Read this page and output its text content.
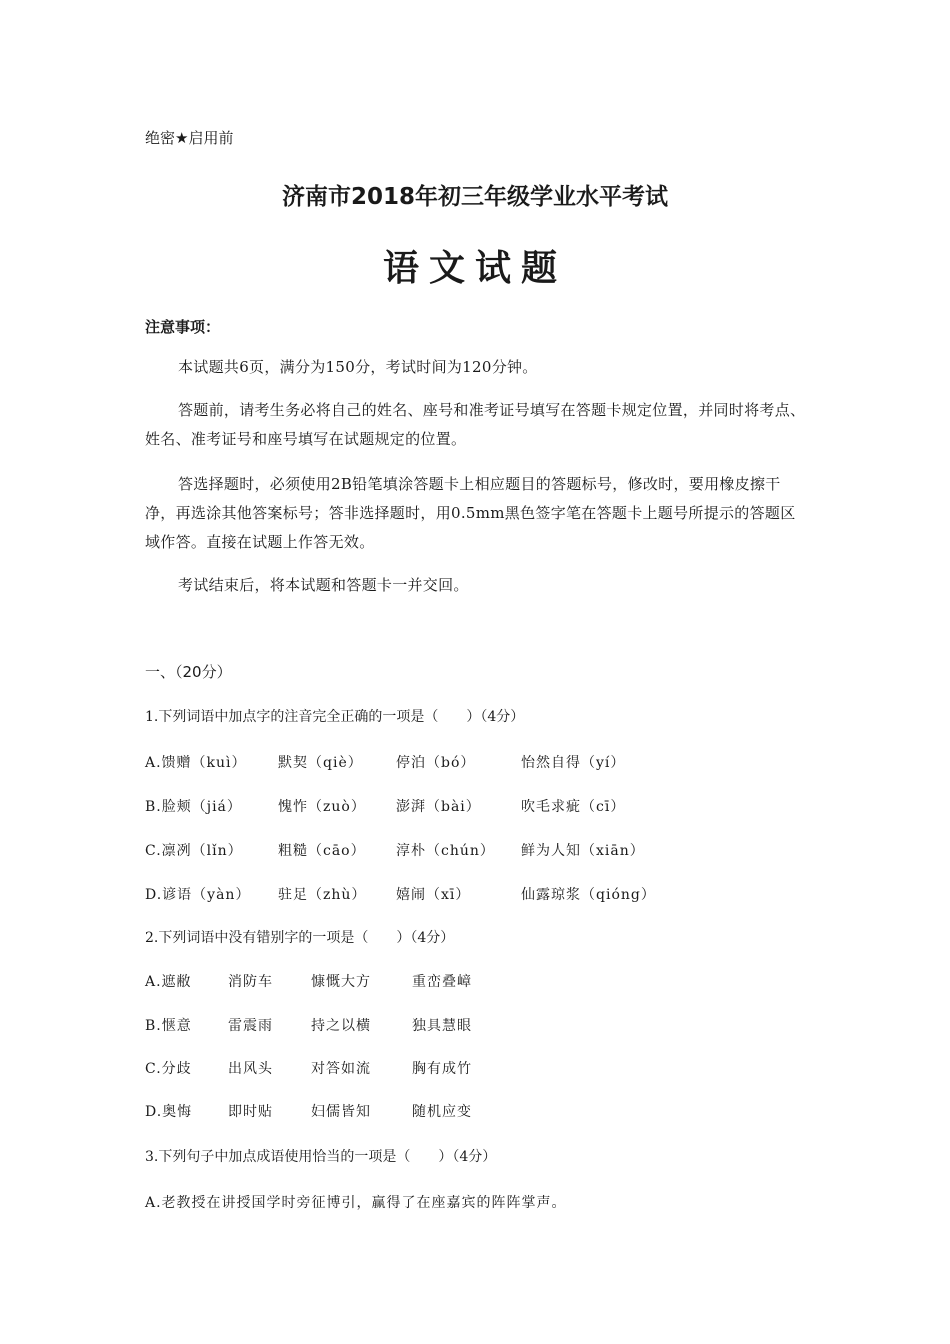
绝密★启用前
济南市2018年初三年级学业水平考试
语文试题
注意事项：
本试题共6页，满分为150分，考试时间为120分钟。
答题前，请考生务必将自己的姓名、座号和准考证号填写在答题卡规定位置，并同时将考点、姓名、准考证号和座号填写在试题规定的位置。
答选择题时，必须使用2B铅笔填涂答题卡上相应题目的答题标号，修改时，要用橡皮擦干净，再选涂其他答案标号；答非选择题时，用0.5mm黑色签字笔在答题卡上题号所提示的答题区域作答。直接在试题上作答无效。
考试结束后，将本试题和答题卡一并交回。
一、（20分）
1.下列词语中加点字的注音完全正确的一项是（　　）（4分）
A.馈赠（kuì） 默契（qiè） 停泊（bó）	怡然自得（yí）
B.脸颊（jiá）	愧怍（zuò） 澎湃（bài）	吹毛求疵（cī）
C.凛冽（lǐn）	粗糙（cāo） 淳朴（chún） 鲜为人知（xiān）
D.谚语（yàn） 驻足（zhù） 嬉闹（xī）	仙露琼浆（qióng）
2.下列词语中没有错别字的一项是（　　）（4分）
A.遮敝	消防车	慷慨大方	重峦叠嶂
B.惬意	雷震雨	持之以横	独具慧眼
C.分歧	出风头	对答如流	胸有成竹
D.奥悔	即时贴	妇儒皆知	随机应变
3.下列句子中加点成语使用恰当的一项是（　　）（4分）
A.老教授在讲授国学时旁征博引，赢得了在座嘉宾的阵阵掌声。
